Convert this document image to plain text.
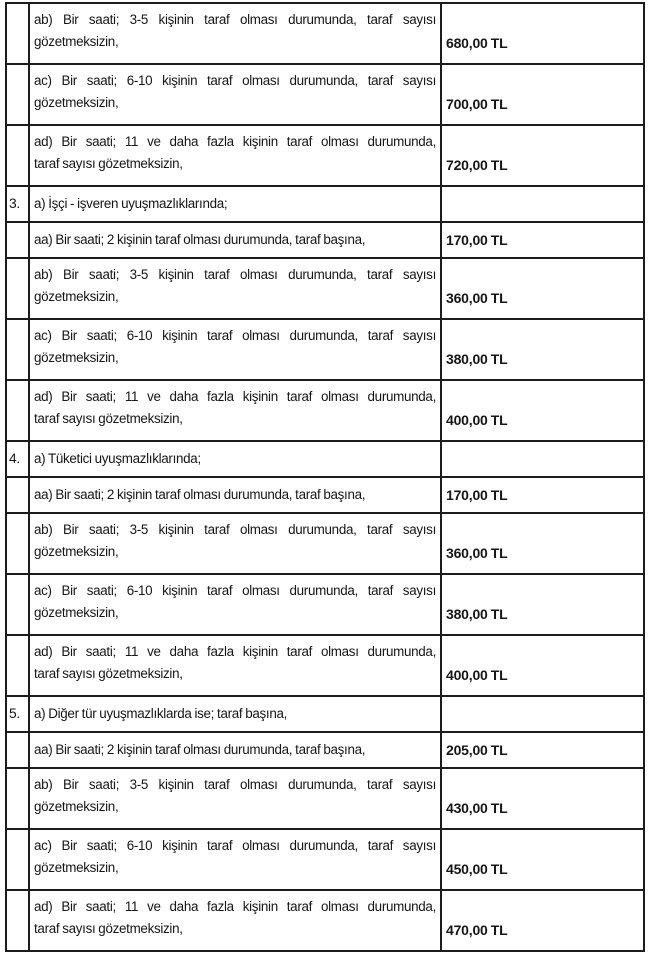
	ab) Bir saati; 3-5 kişinin taraf olması durumunda, taraf sayısı
gözetmeksizin,	680,00 TL

	ac) Bir saati; 6-10 kişinin taraf olması durumunda, taraf sayısı
gözetmeksizin,	700,00 TL

	ad) Bir saati; 11 ve daha fazla kişinin taraf olması durumunda,
taraf sayısı gözetmeksizin,	720,00 TL
3.	a) İşçi - işveren uyuşmazlıklarında;	

	aa) Bir saati; 2 kişinin taraf olması durumunda, taraf başına,	170,00 TL

	ab) Bir saati; 3-5 kişinin taraf olması durumunda, taraf sayısı
gözetmeksizin,	360,00 TL

	ac) Bir saati; 6-10 kişinin taraf olması durumunda, taraf sayısı
gözetmeksizin,	380,00 TL

	ad) Bir saati; 11 ve daha fazla kişinin taraf olması durumunda,
taraf sayısı gözetmeksizin,	400,00 TL
4.	a) Tüketici uyuşmazlıklarında;	

	aa) Bir saati; 2 kişinin taraf olması durumunda, taraf başına,	170,00 TL

	ab) Bir saati; 3-5 kişinin taraf olması durumunda, taraf sayısı
gözetmeksizin,	360,00 TL

	ac) Bir saati; 6-10 kişinin taraf olması durumunda, taraf sayısı
gözetmeksizin,	380,00 TL

	ad) Bir saati; 11 ve daha fazla kişinin taraf olması durumunda,
taraf sayısı gözetmeksizin,	400,00 TL
5.	a) Diğer tür uyuşmazlıklarda ise; taraf başına,	

	aa) Bir saati; 2 kişinin taraf olması durumunda, taraf başına,	205,00 TL

	ab) Bir saati; 3-5 kişinin taraf olması durumunda, taraf sayısı
gözetmeksizin,	430,00 TL

	ac) Bir saati; 6-10 kişinin taraf olması durumunda, taraf sayısı
gözetmeksizin,	450,00 TL

	ad) Bir saati; 11 ve daha fazla kişinin taraf olması durumunda,
taraf sayısı gözetmeksizin,	470,00 TL
